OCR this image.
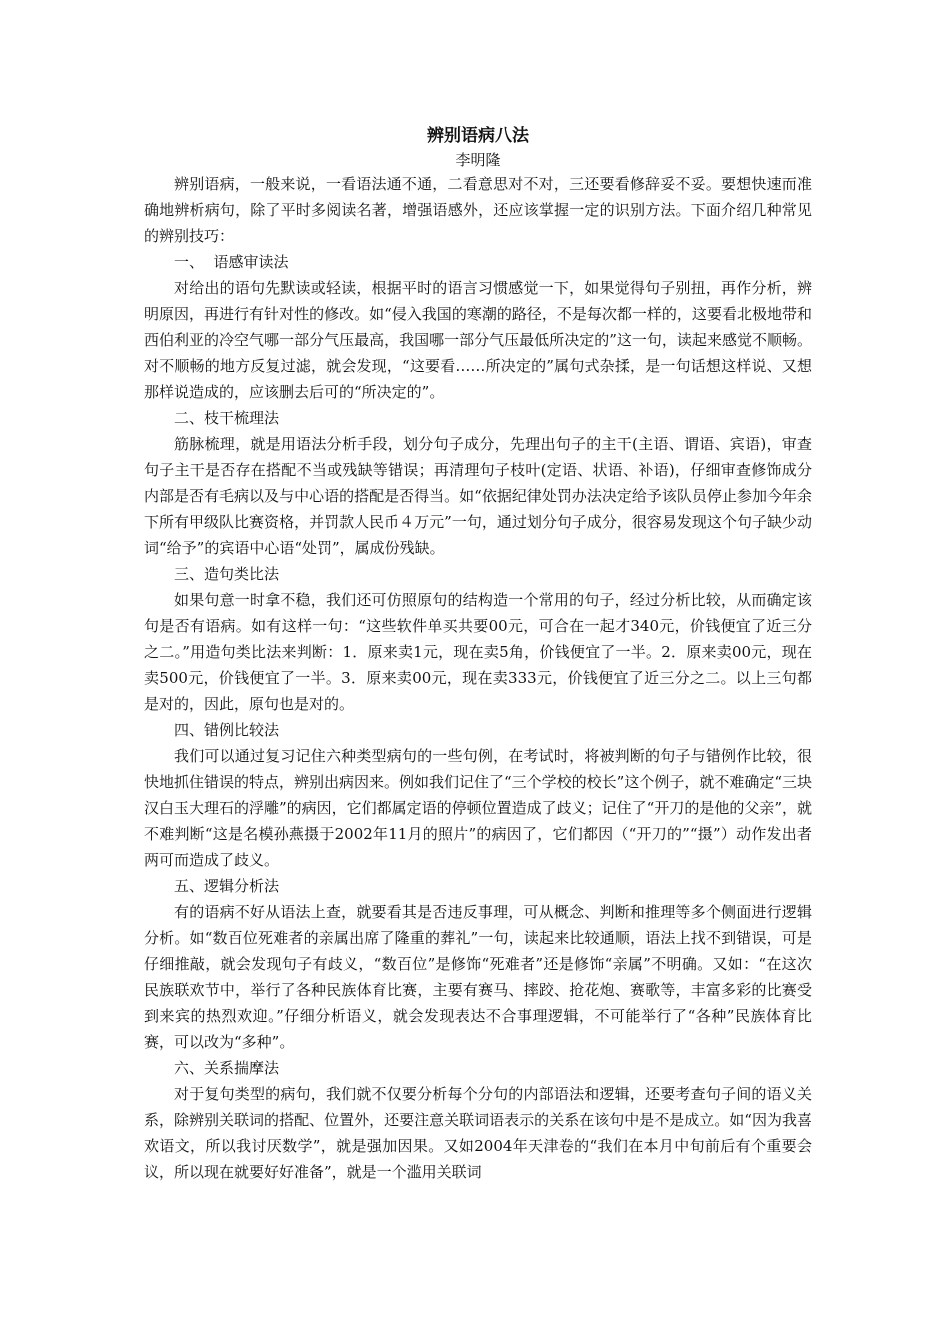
辨别语病八法

李明隆

辨别语病，一般来说，一看语法通不通，二看意思对不对，三还要看修辞妥不妥。要想快速而准确地辨析病句，除了平时多阅读名著，增强语感外，还应该掌握一定的识别方法。下面介绍几种常见的辨别技巧：

一、  语感审读法

对给出的语句先默读或轻读，根据平时的语言习惯感觉一下，如果觉得句子别扭，再作分析，辨明原因，再进行有针对性的修改。如“侵入我国的寒潮的路径，不是每次都一样的，这要看北极地带和西伯利亚的冷空气哪一部分气压最高，我国哪一部分气压最低所决定的”这一句，读起来感觉不顺畅。对不顺畅的地方反复过滤，就会发现，“这要看……所决定的”属句式杂揉，是一句话想这样说、又想那样说造成的，应该删去后可的“所决定的”。

二、枝干梳理法

筋脉梳理，就是用语法分析手段，划分句子成分，先理出句子的主干(主语、谓语、宾语)，审查句子主干是否存在搭配不当或残缺等错误；再清理句子枝叶(定语、状语、补语)，仔细审查修饰成分内部是否有毛病以及与中心语的搭配是否得当。如“依据纪律处罚办法决定给予该队员停止参加今年余下所有甲级队比赛资格，并罚款人民币４万元”一句，通过划分句子成分，很容易发现这个句子缺少动词“给予”的宾语中心语“处罚”，属成份残缺。

三、造句类比法

如果句意一时拿不稳，我们还可仿照原句的结构造一个常用的句子，经过分析比较，从而确定该句是否有语病。如有这样一句：“这些软件单买共要00元，可合在一起才340元，价钱便宜了近三分之二。”用造句类比法来判断：1．原来卖1元，现在卖5角，价钱便宜了一半。2．原来卖00元，现在卖500元，价钱便宜了一半。3．原来卖00元，现在卖333元，价钱便宜了近三分之二。以上三句都是对的，因此，原句也是对的。

四、错例比较法

我们可以通过复习记住六种类型病句的一些句例，在考试时，将被判断的句子与错例作比较，很快地抓住错误的特点，辨别出病因来。例如我们记住了“三个学校的校长”这个例子，就不难确定“三块汉白玉大理石的浮雕”的病因，它们都属定语的停顿位置造成了歧义；记住了“开刀的是他的父亲”，就不难判断“这是名模孙燕摄于2002年11月的照片”的病因了，它们都因（“开刀的”“摄”）动作发出者两可而造成了歧义。

五、逻辑分析法

有的语病不好从语法上查，就要看其是否违反事理，可从概念、判断和推理等多个侧面进行逻辑分析。如“数百位死难者的亲属出席了隆重的葬礼”一句，读起来比较通顺，语法上找不到错误，可是仔细推敲，就会发现句子有歧义，“数百位”是修饰“死难者”还是修饰“亲属”不明确。又如：“在这次民族联欢节中，举行了各种民族体育比赛，主要有赛马、摔跤、抢花炮、赛歌等，丰富多彩的比赛受到来宾的热烈欢迎。”仔细分析语义，就会发现表达不合事理逻辑，不可能举行了“各种”民族体育比赛，可以改为“多种”。

六、关系揣摩法

对于复句类型的病句，我们就不仅要分析每个分句的内部语法和逻辑，还要考查句子间的语义关系，除辨别关联词的搭配、位置外，还要注意关联词语表示的关系在该句中是不是成立。如“因为我喜欢语文，所以我讨厌数学”，就是强加因果。又如2004年天津卷的“我们在本月中旬前后有个重要会议，所以现在就要好好准备”，就是一个滥用关联词
